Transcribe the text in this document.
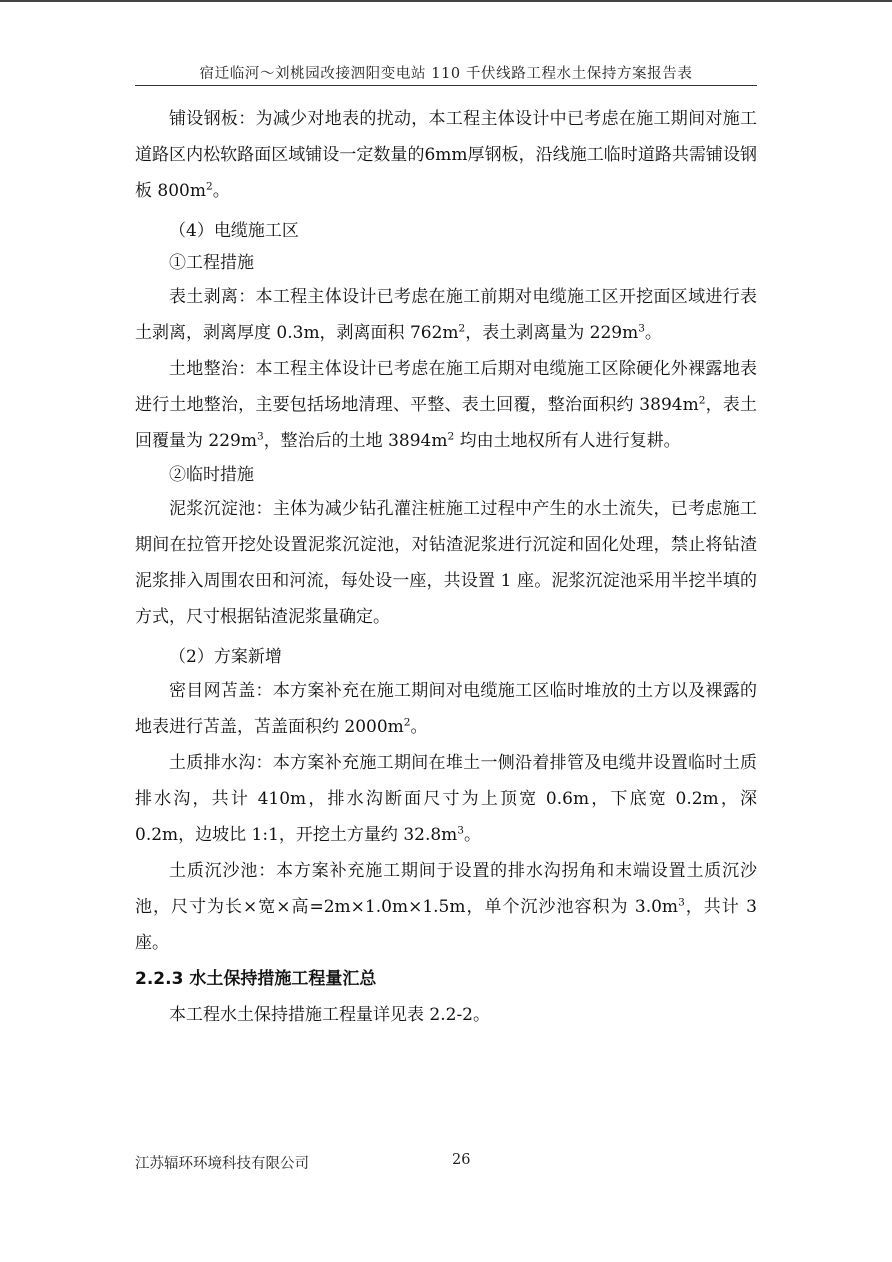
宿迁临河～刘桃园改接泗阳变电站 110 千伏线路工程水土保持方案报告表

铺设钢板：为减少对地表的扰动，本工程主体设计中已考虑在施工期间对施工道路区内松软路面区域铺设一定数量的6mm厚钢板，沿线施工临时道路共需铺设钢板 $800m^2$。

（4）电缆施工区

①工程措施

表土剥离：本工程主体设计已考虑在施工前期对电缆施工区开挖面区域进行表土剥离，剥离厚度 0.3m，剥离面积 $762m^2$，表土剥离量为 $229m^3$。

土地整治：本工程主体设计已考虑在施工后期对电缆施工区除硬化外裸露地表进行土地整治，主要包括场地清理、平整、表土回覆，整治面积约 $3894m^2$，表土回覆量为 $229m^3$，整治后的土地 $3894m^2$ 均由土地权所有人进行复耕。

②临时措施

泥浆沉淀池：主体为减少钻孔灌注桩施工过程中产生的水土流失，已考虑施工期间在拉管开挖处设置泥浆沉淀池，对钻渣泥浆进行沉淀和固化处理，禁止将钻渣泥浆排入周围农田和河流，每处设一座，共设置 1 座。泥浆沉淀池采用半挖半填的方式，尺寸根据钻渣泥浆量确定。

（2）方案新增

密目网苫盖：本方案补充在施工期间对电缆施工区临时堆放的土方以及裸露的地表进行苫盖，苫盖面积约 $2000m^2$。

土质排水沟：本方案补充施工期间在堆土一侧沿着排管及电缆井设置临时土质排水沟，共计 410m，排水沟断面尺寸为上顶宽 0.6m，下底宽 0.2m，深 0.2m，边坡比 1:1，开挖土方量约 $32.8m^3$。

土质沉沙池：本方案补充施工期间于设置的排水沟拐角和末端设置土质沉沙池，尺寸为长×宽×高=2m×1.0m×1.5m，单个沉沙池容积为 $3.0m^3$，共计 3 座。

2.2.3 水土保持措施工程量汇总

本工程水土保持措施工程量详见表 2.2-2。

江苏辐环环境科技有限公司	26
